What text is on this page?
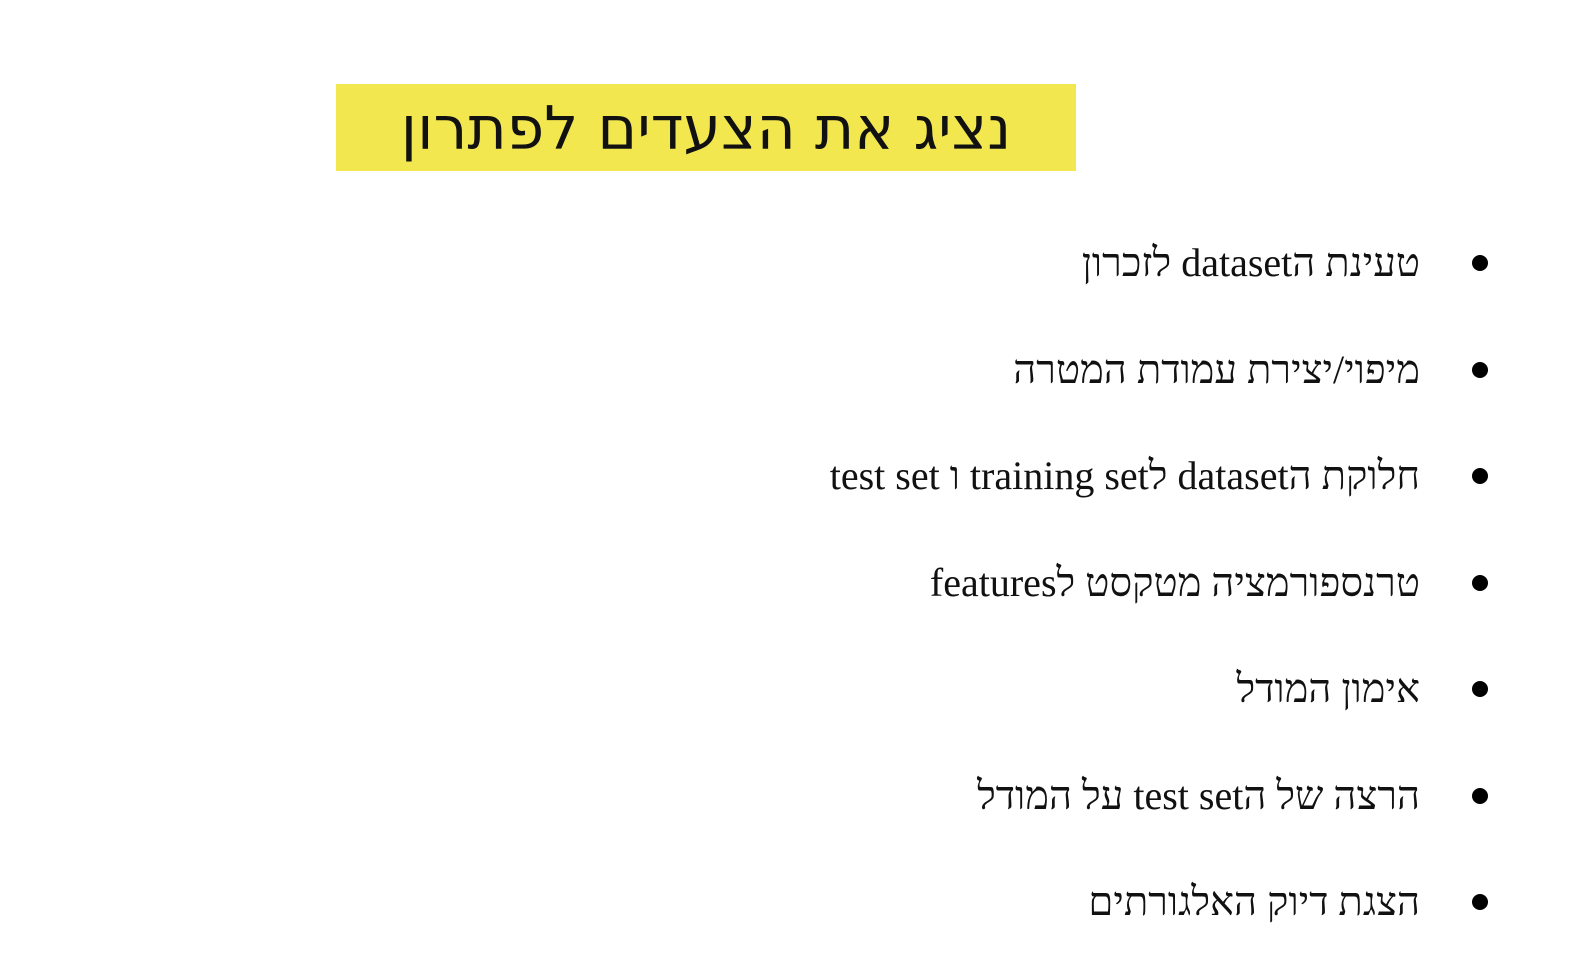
נציג את הצעדים לפתרון
טעינת הdataset לזכרון
מיפוי/יצירת עמודת המטרה
חלוקת הdataset לtraining set ו test set
טרנספורמציה מטקסט לfeatures
אימון המודל
הרצה של הtest set על המודל
הצגת דיוק האלגורתים
